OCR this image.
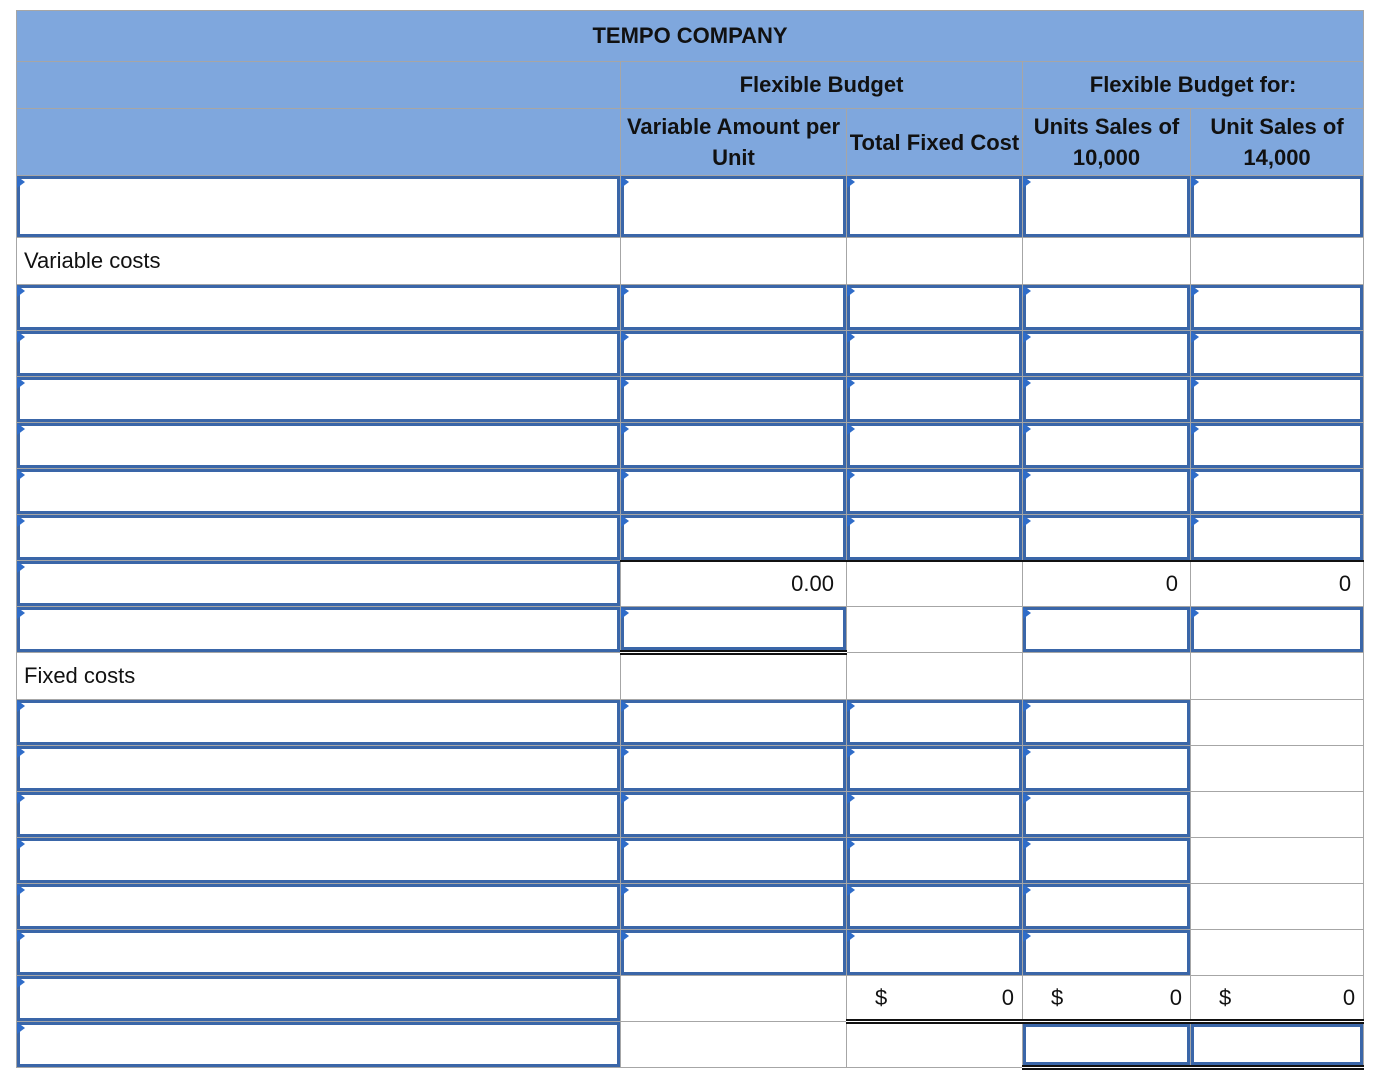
TEMPO COMPANY				
	Flexible Budget		Flexible Budget for:	
	Variable Amount per Unit	Total Fixed Cost	Units Sales of 10,000	Unit Sales of 14,000

Variable costs				

	0.00		0	0

Fixed costs				

		$ 0	$ 0	$ 0
